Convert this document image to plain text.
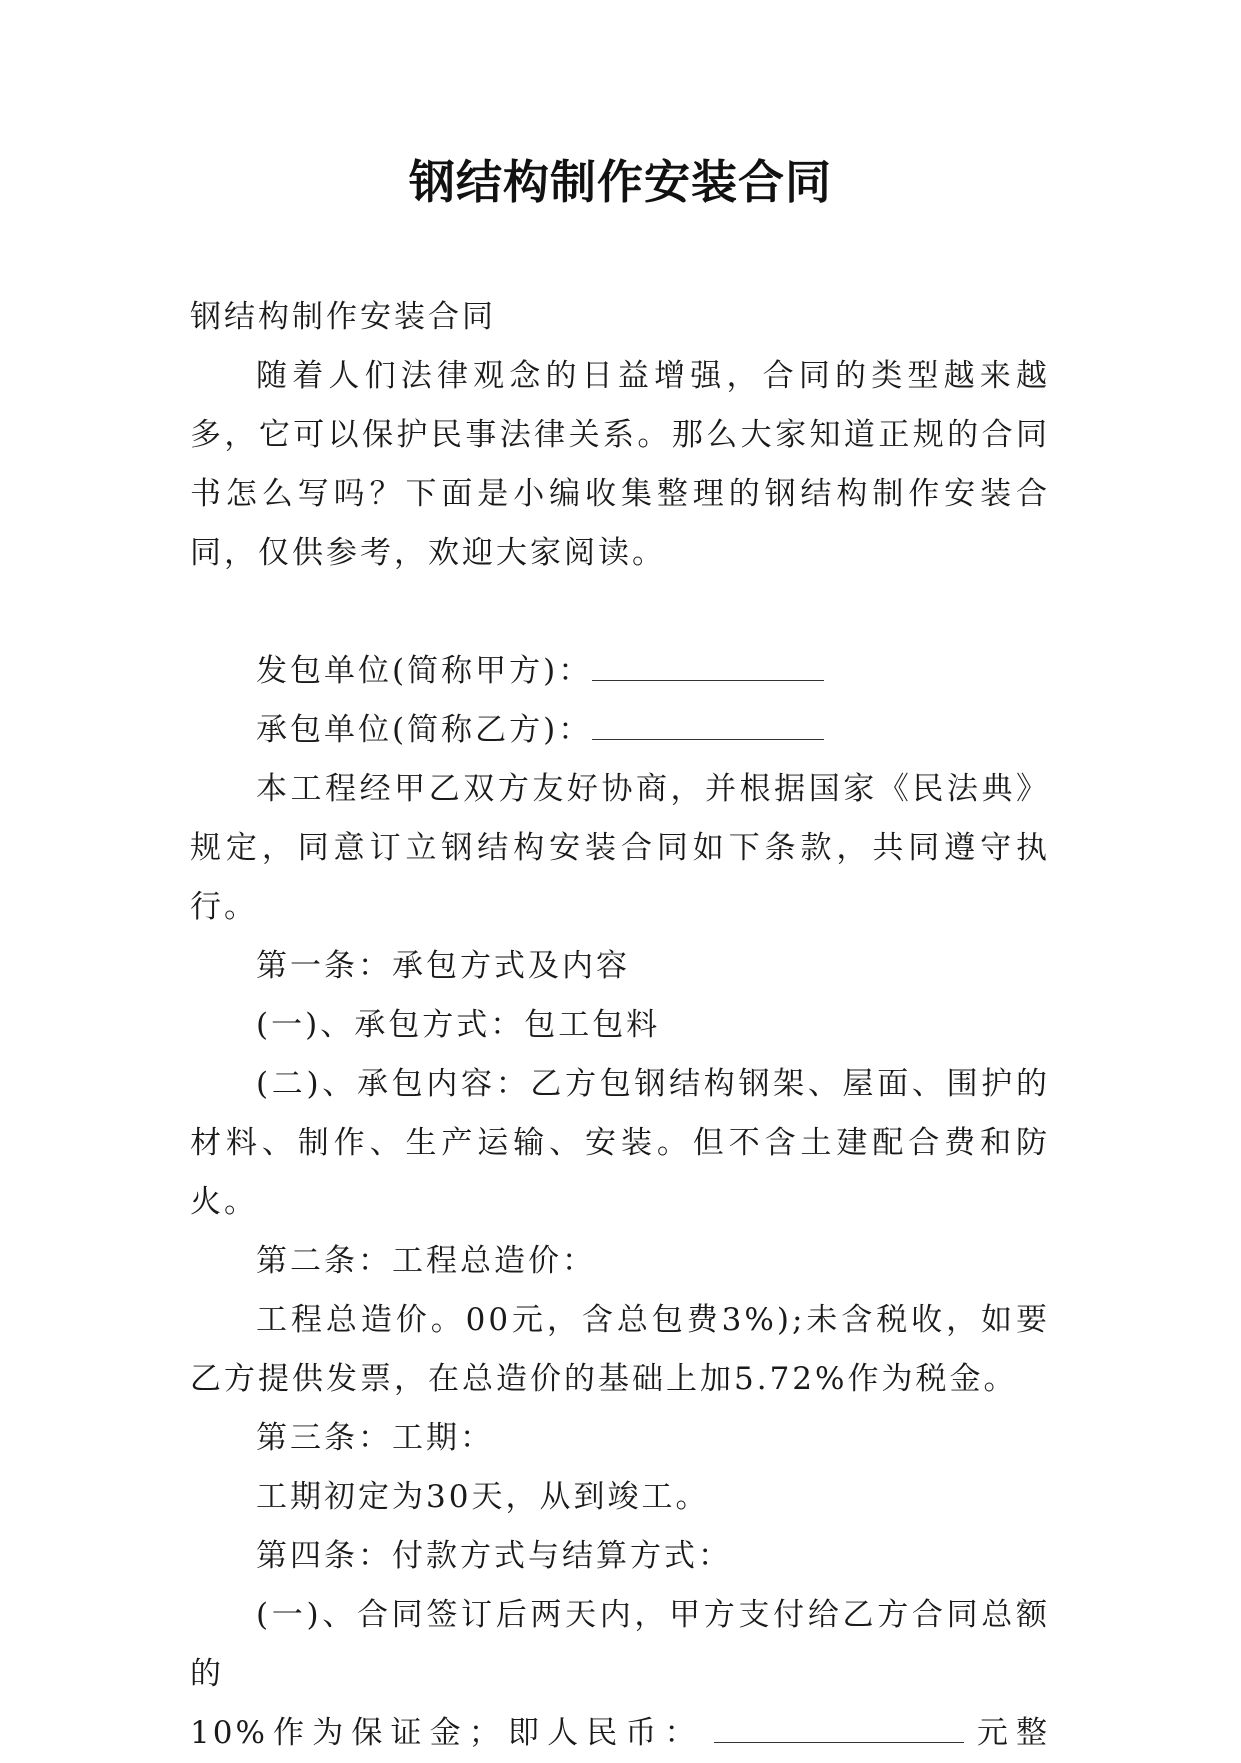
钢结构制作安装合同

钢结构制作安装合同

随着人们法律观念的日益增强，合同的类型越来越多，它可以保护民事法律关系。那么大家知道正规的合同书怎么写吗？下面是小编收集整理的钢结构制作安装合同，仅供参考，欢迎大家阅读。

发包单位(简称甲方)：

承包单位(简称乙方)：

本工程经甲乙双方友好协商，并根据国家《民法典》规定，同意订立钢结构安装合同如下条款，共同遵守执行。

第一条：承包方式及内容

(一)、承包方式：包工包料

(二)、承包内容：乙方包钢结构钢架、屋面、围护的材料、制作、生产运输、安装。但不含土建配合费和防火。

第二条：工程总造价：

工程总造价。00元，含总包费3%);未含税收，如要乙方提供发票，在总造价的基础上加5.72%作为税金。

第三条：工期：

工期初定为30天，从到竣工。

第四条：付款方式与结算方式：

(一)、合同签订后两天内，甲方支付给乙方合同总额的

10%作为保证金；即人民币：	元整
